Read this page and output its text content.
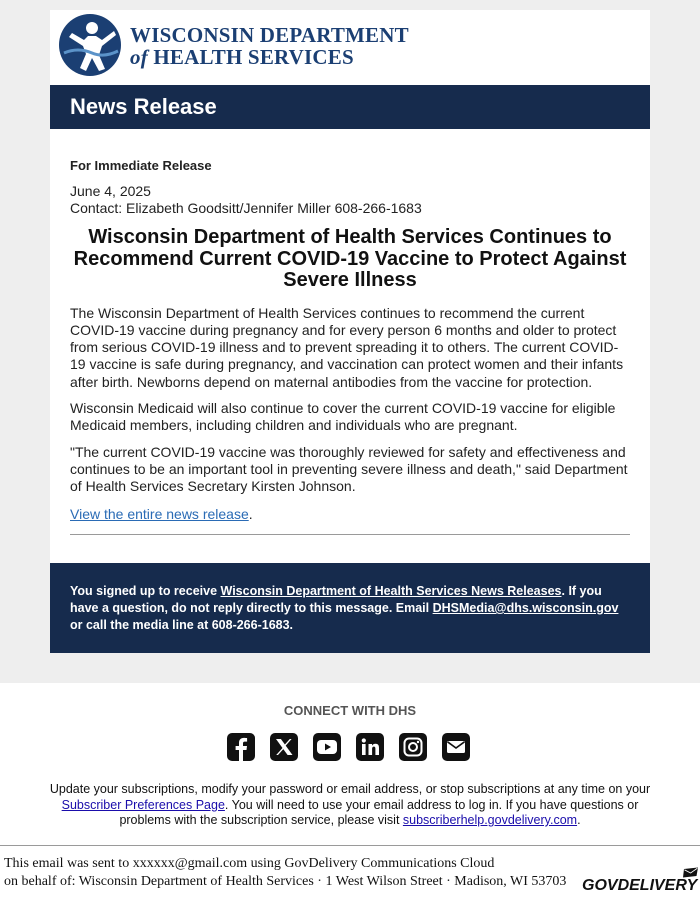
WISCONSIN DEPARTMENT
of HEALTH SERVICES
News Release

For Immediate Release

June 4, 2025

Contact: Elizabeth Goodsitt/Jennifer Miller 608-266-1683

Wisconsin Department of Health Services Continues to Recommend Current COVID-19 Vaccine to Protect Against Severe Illness

The Wisconsin Department of Health Services continues to recommend the current COVID-19 vaccine during pregnancy and for every person 6 months and older to protect from serious COVID-19 illness and to prevent spreading it to others. The current COVID-19 vaccine is safe during pregnancy, and vaccination can protect women and their infants after birth. Newborns depend on maternal antibodies from the vaccine for protection.

Wisconsin Medicaid will also continue to cover the current COVID-19 vaccine for eligible Medicaid members, including children and individuals who are pregnant.

"The current COVID-19 vaccine was thoroughly reviewed for safety and effectiveness and continues to be an important tool in preventing severe illness and death," said Department of Health Services Secretary Kirsten Johnson.

View the entire news release.

You signed up to receive Wisconsin Department of Health Services News Releases. If you have a question, do not reply directly to this message. Email DHSMedia@dhs.wisconsin.gov or call the media line at 608-266-1683.
CONNECT WITH DHS
Update your subscriptions, modify your password or email address, or stop subscriptions at any time on your Subscriber Preferences Page. You will need to use your email address to log in. If you have questions or problems with the subscription service, please visit subscriberhelp.govdelivery.com.
This email was sent to xxxxxx@gmail.com using GovDelivery Communications Cloud
on behalf of: Wisconsin Department of Health Services · 1 West Wilson Street · Madison, WI 53703 GOVDELIVERY
